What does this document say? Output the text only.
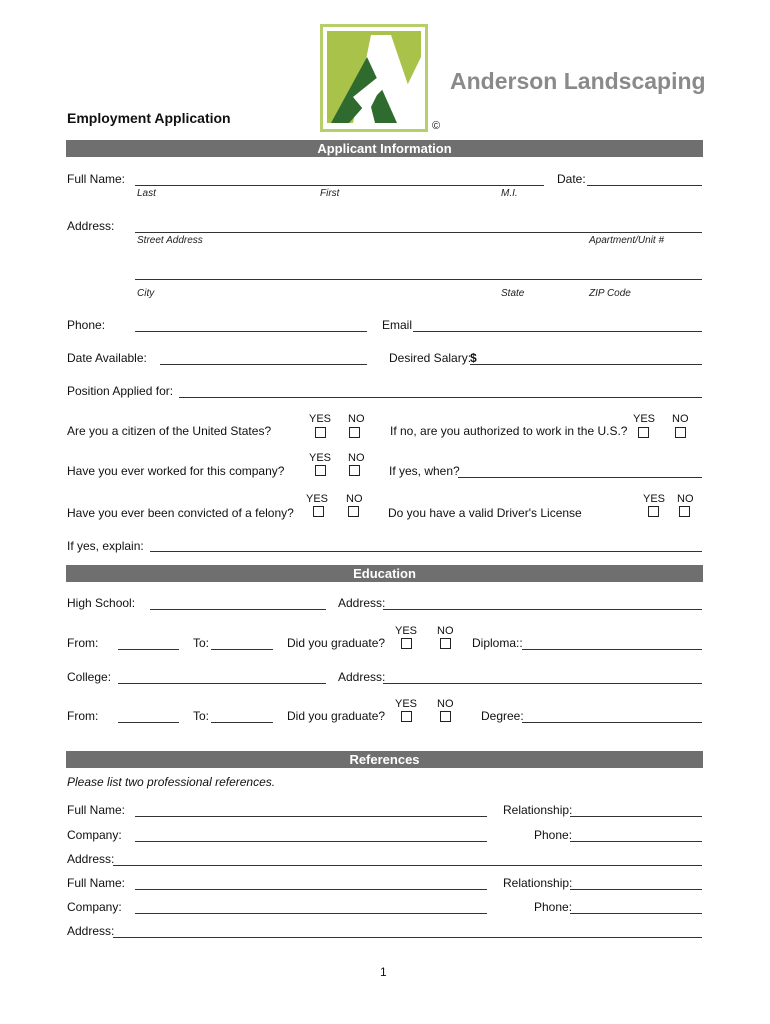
Anderson Landscaping
Employment Application	©
Applicant Information
Full Name:	Date:
Last	First	M.I.
Address:
Street Address	Apartment/Unit #
City	State	ZIP Code
Phone:	Email
Date Available:	Desired Salary:
$
Position Applied for:
Are you a citizen of the United States?
YES NO
If no, are you authorized to work in the U.S.?
YES NO
Have you ever worked for this company?
YES NO
If yes, when?
Have you ever been convicted of a felony?
YES NO
Do you have a valid Driver's License
YES NO
If yes, explain:
Education
High School:	Address:
From:	To:	Did you graduate?
YES NO
Diploma::
College:	Address:
From:	To:	Did you graduate?
YES NO
Degree:
References
Please list two professional references.
Full Name:	Relationship:
Company:	Phone:
Address:
Full Name:	Relationship:
Company:	Phone:
Address:
1
